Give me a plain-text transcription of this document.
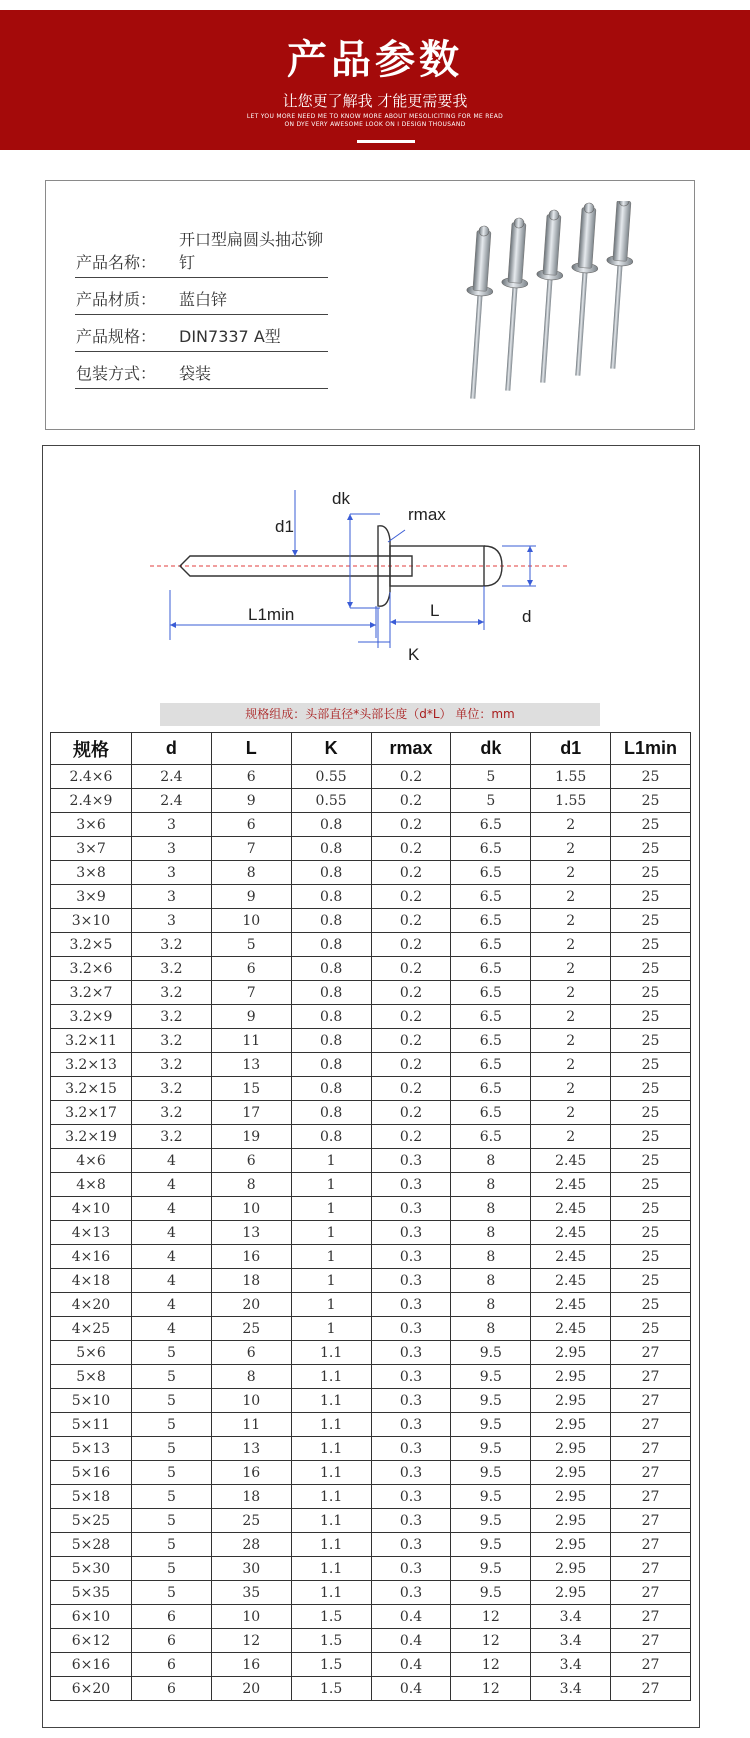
产品参数
让您更了解我 才能更需要我
LET YOU MORE NEED ME TO KNOW MORE ABOUT MESOLICITING FOR ME READ
ON DYE VERY AWESOME LOOK ON I DESIGN THOUSAND
产品名称：
开口型扁圆头抽芯铆钉
产品材质： 蓝白锌
产品规格： DIN7337 A型
包装方式： 袋装
d1
dk
rmax
d
L1min	L
K
规格组成：头部直径*头部长度（d*L） 单位：mm
规格	d	L	K	rmax	dk	d1	L1min
2.4×6	2.4	6	0.55	0.2	5	1.55	25
2.4×9	2.4	9	0.55	0.2	5	1.55	25
3×6	3	6	0.8	0.2	6.5	2	25
3×7	3	7	0.8	0.2	6.5	2	25
3×8	3	8	0.8	0.2	6.5	2	25
3×9	3	9	0.8	0.2	6.5	2	25
3×10	3	10	0.8	0.2	6.5	2	25
3.2×5	3.2	5	0.8	0.2	6.5	2	25
3.2×6	3.2	6	0.8	0.2	6.5	2	25
3.2×7	3.2	7	0.8	0.2	6.5	2	25
3.2×9	3.2	9	0.8	0.2	6.5	2	25
3.2×11	3.2	11	0.8	0.2	6.5	2	25
3.2×13	3.2	13	0.8	0.2	6.5	2	25
3.2×15	3.2	15	0.8	0.2	6.5	2	25
3.2×17	3.2	17	0.8	0.2	6.5	2	25
3.2×19	3.2	19	0.8	0.2	6.5	2	25
4×6	4	6	1	0.3	8	2.45	25
4×8	4	8	1	0.3	8	2.45	25
4×10	4	10	1	0.3	8	2.45	25
4×13	4	13	1	0.3	8	2.45	25
4×16	4	16	1	0.3	8	2.45	25
4×18	4	18	1	0.3	8	2.45	25
4×20	4	20	1	0.3	8	2.45	25
4×25	4	25	1	0.3	8	2.45	25
5×6	5	6	1.1	0.3	9.5	2.95	27
5×8	5	8	1.1	0.3	9.5	2.95	27
5×10	5	10	1.1	0.3	9.5	2.95	27
5×11	5	11	1.1	0.3	9.5	2.95	27
5×13	5	13	1.1	0.3	9.5	2.95	27
5×16	5	16	1.1	0.3	9.5	2.95	27
5×18	5	18	1.1	0.3	9.5	2.95	27
5×25	5	25	1.1	0.3	9.5	2.95	27
5×28	5	28	1.1	0.3	9.5	2.95	27
5×30	5	30	1.1	0.3	9.5	2.95	27
5×35	5	35	1.1	0.3	9.5	2.95	27
6×10	6	10	1.5	0.4	12	3.4	27
6×12	6	12	1.5	0.4	12	3.4	27
6×16	6	16	1.5	0.4	12	3.4	27
6×20	6	20	1.5	0.4	12	3.4	27
